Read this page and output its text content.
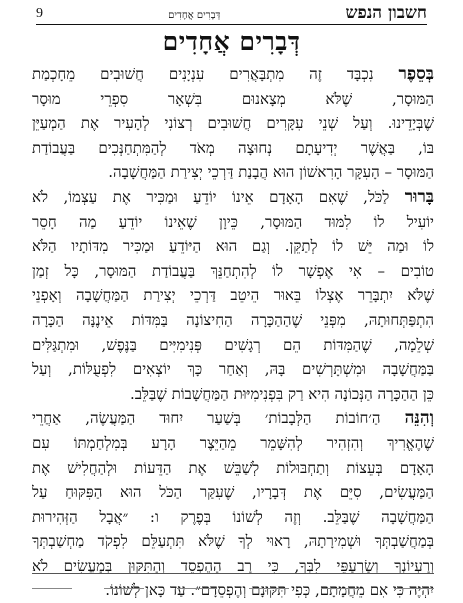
9	דְּבָרִים אֲחָדִים	חשבון הנפש
דְּבָרִים אֲחָדִים
בְּסֵפֶר נִכְבָּד זֶה מִתְבָּאֲרִים עִנְיָנִים חֲשׁוּבִים מֵחָכְמַת
הַמּוּסָר, שֶׁלֹּא מְצָאנוּם בִּשְׁאָר סִפְרֵי מוּסָר
שֶׁבְּיָדֵינוּ. וְעַל שְׁנֵי עִקָּרִים חֲשׁוּבִים רְצוֹנִי לְהָעִיר אֶת הַמְעַיֵּן
בּוֹ, בַּאֲשֶׁר יְדִיעָתָם נְחוּצָה מְאֹד לְהַמִּתְחַנְּכִים בַּעֲבוֹדַת
הַמּוּסָר – הָעִקָּר הָרִאשׁוֹן הוּא הֲבָנַת דַּרְכֵי יְצִירַת הַמַּחֲשָׁבָה.
בָּרוּר לַכֹּל, שֶׁאִם הָאָדָם אֵינוֹ יוֹדֵעַ וּמַכִּיר אֶת עַצְמוֹ, לֹא
יוֹעִיל לוֹ לִמּוּד הַמּוּסָר, כֵּיוָן שֶׁאֵינוֹ יוֹדֵעַ מַה חָסֵר
לוֹ וּמַה יֵּשׁ לוֹ לְתַקֵּן. וְגַם הוּא הַיּוֹדֵעַ וּמַכִּיר מִדּוֹתָיו הַלֹּא
טוֹבִים – אִי אֶפְשָׁר לוֹ לְהִתְחַנֵּךְ בַּעֲבוֹדַת הַמּוּסָר, כָּל זְמַן
שֶׁלֹּא יִתְבָּרֵר אֶצְלוֹ בֵּאוּר הֵיטֵב דַּרְכֵי יְצִירַת הַמַּחֲשָׁבָה וְאָפְנֵי
הִתְפַּתְּחוּתָהּ, מִפְּנֵי שֶׁהַהַכָּרָה הַחִיצוֹנָה בַּמִּדּוֹת אֵינֶנָּה הַכָּרָה
שְׁלֵמָה, שֶׁהַמִּדּוֹת הֵם רְגָשִׁים פְּנִימִיִּים בַּנֶּפֶשׁ, וּמִתְגַּלִּים
בַּמַּחֲשָׁבָה וּמִשְׁתָּרְשִׁים בָּהּ, וְאַחַר כָּךְ יוֹצְאִים לִפְעֻלּוֹת, וְעַל
כֵּן הַהַכָּרָה הַנְּכוֹנָה הִיא רַק בִּפְנִימִיּוּת הַמַּחֲשָׁבוֹת שֶׁבַּלֵּב.
וְהִנֵּה הַ׳חוֹבוֹת הַלְּבָבוֹת׳ בְּשַׁעַר יִחוּד הַמַּעֲשֶׂה, אַחֲרֵי
שֶׁהֶאֱרִיךְ וְהִזְהִיר לְהִשָּׁמֵר מֵהַיֵּצֶר הָרָע בְּמִלְחַמְתּוֹ עִם
הָאָדָם בְּעֵצוֹת וְתַחְבּוּלוֹת לְשַׁבֵּשׁ אֶת הַדֵּעוֹת וּלְהַחֲלִישׁ אֶת
הַמַּעֲשִׂים, סִיֵּם אֶת דְּבָרָיו, שֶׁעִקַּר הַכֹּל הוּא הַפִּקּוּחַ עַל
הַמַּחֲשָׁבָה שֶׁבַּלֵּב. וְזֶה לְשׁוֹנוֹ בְּפֶרֶק ו: ״אֲבָל הַזְּהִירוּת
בְּמַחֲשַׁבְתְּךָ וּשְׁמִירָתָהּ, רָאוּי לְךָ שֶׁלֹּא תִּתְעַלֵּם לִפְקֹד מַחְשַׁבְתְּךָ
וְרַעְיוֹנְךָ וְשַׂרְעַפֵּי לִבְּךָ, כִּי רַב הַהֶפְסֵד וְהַתִּקּוּן בְּמַעֲשִׂים לֹא
יִהְיֶה כִּי אִם מֵחֲמָתָם, כְּפִי תִּקּוּנָם וְהֶפְסֵדָם״. עַד כָּאן לְשׁוֹנוֹ.
